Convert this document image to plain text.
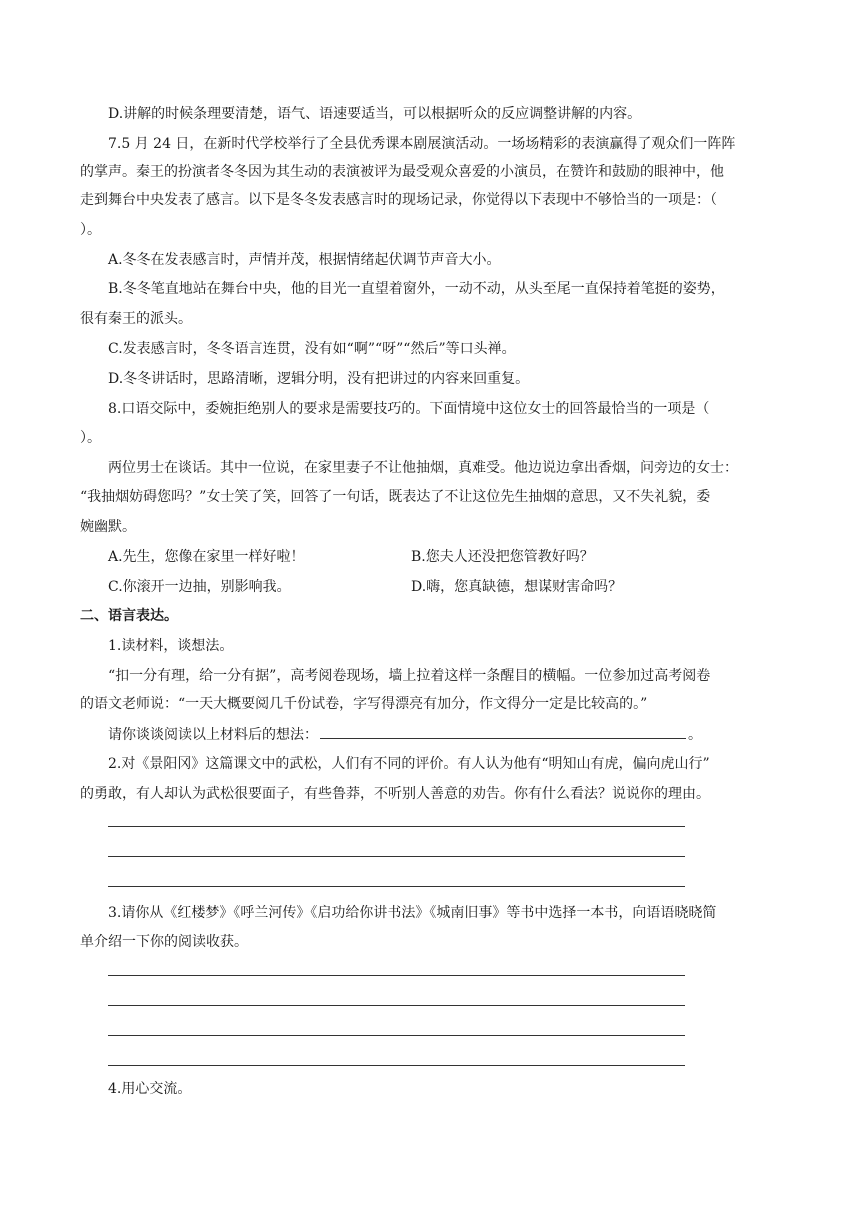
D.讲解的时候条理要清楚，语气、语速要适当，可以根据听众的反应调整讲解的内容。

7.5 月 24 日，在新时代学校举行了全县优秀课本剧展演活动。一场场精彩的表演赢得了观众们一阵阵

的掌声。秦王的扮演者冬冬因为其生动的表演被评为最受观众喜爱的小演员，在赞许和鼓励的眼神中，他

走到舞台中央发表了感言。以下是冬冬发表感言时的现场记录，你觉得以下表现中不够恰当的一项是：（

）。

A.冬冬在发表感言时，声情并茂，根据情绪起伏调节声音大小。

B.冬冬笔直地站在舞台中央，他的目光一直望着窗外，一动不动，从头至尾一直保持着笔挺的姿势，

很有秦王的派头。

C.发表感言时，冬冬语言连贯，没有如“啊”“呀”“然后”等口头禅。

D.冬冬讲话时，思路清晰，逻辑分明，没有把讲过的内容来回重复。

8.口语交际中，委婉拒绝别人的要求是需要技巧的。下面情境中这位女士的回答最恰当的一项是（

）。

两位男士在谈话。其中一位说，在家里妻子不让他抽烟，真难受。他边说边拿出香烟，问旁边的女士：

“我抽烟妨碍您吗？”女士笑了笑，回答了一句话，既表达了不让这位先生抽烟的意思，又不失礼貌，委

婉幽默。

A.先生，您像在家里一样好啦！	B.您夫人还没把您管教好吗？

C.你滚开一边抽，别影响我。	D.嗨，您真缺德，想谋财害命吗？

二、语言表达。

1.读材料，谈想法。

“扣一分有理，给一分有据”，高考阅卷现场，墙上拉着这样一条醒目的横幅。一位参加过高考阅卷

的语文老师说：“一天大概要阅几千份试卷，字写得漂亮有加分，作文得分一定是比较高的。”

请你谈谈阅读以上材料后的想法：	。

2.对《景阳冈》这篇课文中的武松，人们有不同的评价。有人认为他有“明知山有虎，偏向虎山行”

的勇敢，有人却认为武松很要面子，有些鲁莽，不听别人善意的劝告。你有什么看法？说说你的理由。

3.请你从《红楼梦》《呼兰河传》《启功给你讲书法》《城南旧事》等书中选择一本书，向语语晓晓简

单介绍一下你的阅读收获。

4.用心交流。
